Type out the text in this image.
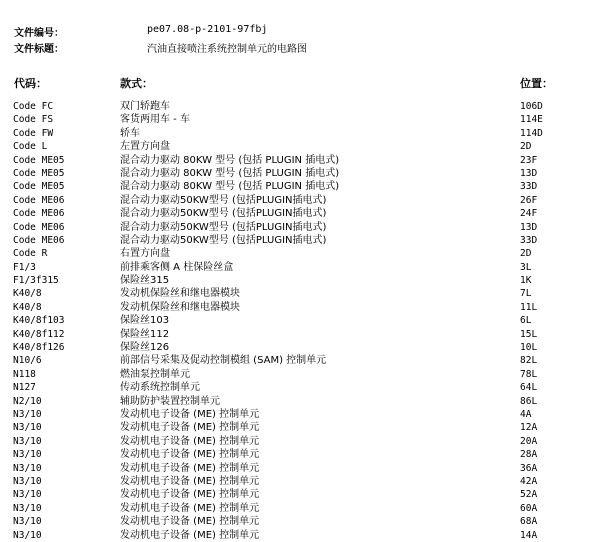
文件编号：	pe07.08-p-2101-97fbj
文件标题：	汽油直接喷注系统控制单元的电路图
代码：	款式：	位置：
Code FC	双门轿跑车	106D
Code FS	客货两用车 - 车	114E
Code FW	轿车	114D
Code L	左置方向盘	2D
Code ME05	混合动力驱动 80KW 型号 (包括 PLUGIN 插电式)	23F
Code ME05	混合动力驱动 80KW 型号 (包括 PLUGIN 插电式)	13D
Code ME05	混合动力驱动 80KW 型号 (包括 PLUGIN 插电式)	33D
Code ME06	混合动力驱动50KW型号 (包括PLUGIN插电式)	26F
Code ME06	混合动力驱动50KW型号 (包括PLUGIN插电式)	24F
Code ME06	混合动力驱动50KW型号 (包括PLUGIN插电式)	13D
Code ME06	混合动力驱动50KW型号 (包括PLUGIN插电式)	33D
Code R	右置方向盘	2D
F1/3	前排乘客侧 A 柱保险丝盒	3L
F1/3f315	保险丝315	1K
K40/8	发动机保险丝和继电器模块	7L
K40/8	发动机保险丝和继电器模块	11L
K40/8f103	保险丝103	6L
K40/8f112	保险丝112	15L
K40/8f126	保险丝126	10L
N10/6	前部信号采集及促动控制模组 (SAM) 控制单元	82L
N118	燃油泵控制单元	78L
N127	传动系统控制单元	64L
N2/10	辅助防护装置控制单元	86L
N3/10	发动机电子设备 (ME) 控制单元	4A
N3/10	发动机电子设备 (ME) 控制单元	12A
N3/10	发动机电子设备 (ME) 控制单元	20A
N3/10	发动机电子设备 (ME) 控制单元	28A
N3/10	发动机电子设备 (ME) 控制单元	36A
N3/10	发动机电子设备 (ME) 控制单元	42A
N3/10	发动机电子设备 (ME) 控制单元	52A
N3/10	发动机电子设备 (ME) 控制单元	60A
N3/10	发动机电子设备 (ME) 控制单元	68A
N3/10	发动机电子设备 (ME) 控制单元	14A
